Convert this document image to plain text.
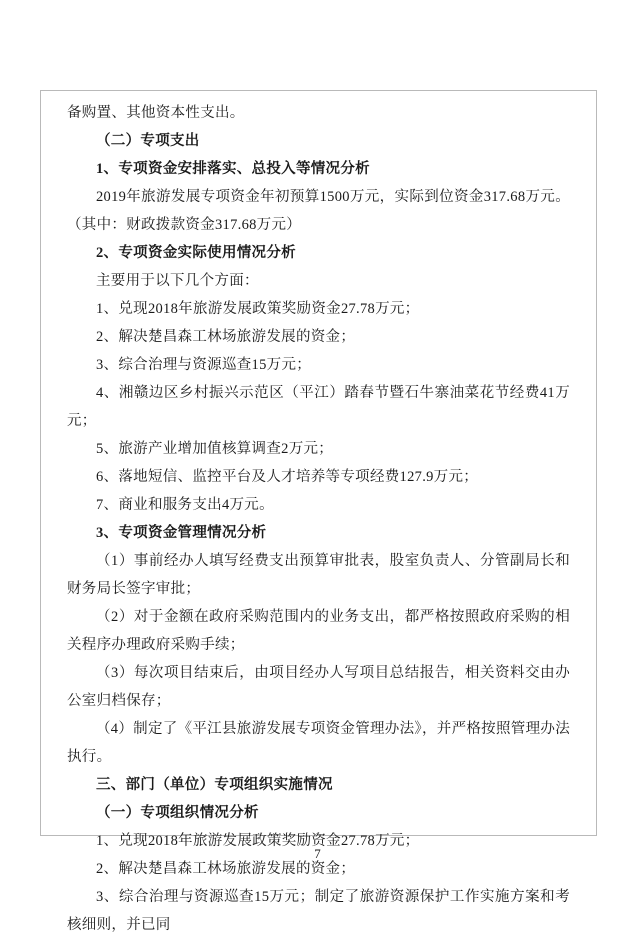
备购置、其他资本性支出。

（二）专项支出

1、专项资金安排落实、总投入等情况分析

2019年旅游发展专项资金年初预算1500万元，实际到位资金317.68万元。（其中：财政拨款资金317.68万元）

2、专项资金实际使用情况分析

主要用于以下几个方面：

1、兑现2018年旅游发展政策奖励资金27.78万元；

2、解决楚昌森工林场旅游发展的资金；

3、综合治理与资源巡查15万元；

4、湘赣边区乡村振兴示范区（平江）踏春节暨石牛寨油菜花节经费41万元；

5、旅游产业增加值核算调查2万元；

6、落地短信、监控平台及人才培养等专项经费127.9万元；

7、商业和服务支出4万元。

3、专项资金管理情况分析

（1）事前经办人填写经费支出预算审批表，股室负责人、分管副局长和财务局长签字审批；

（2）对于金额在政府采购范围内的业务支出，都严格按照政府采购的相关程序办理政府采购手续；

（3）每次项目结束后，由项目经办人写项目总结报告，相关资料交由办公室归档保存；

（4）制定了《平江县旅游发展专项资金管理办法》，并严格按照管理办法执行。

三、部门（单位）专项组织实施情况

（一）专项组织情况分析

1、兑现2018年旅游发展政策奖励资金27.78万元；

2、解决楚昌森工林场旅游发展的资金；

3、综合治理与资源巡查15万元；制定了旅游资源保护工作实施方案和考核细则，并已同

7
